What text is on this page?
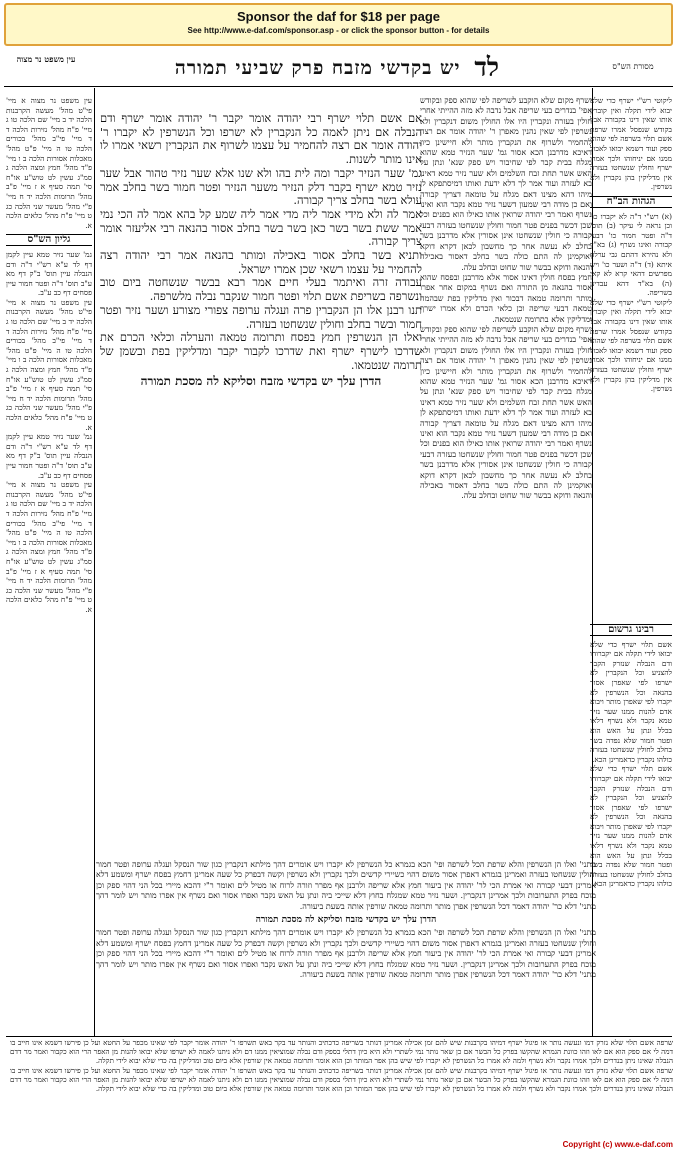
Sponsor the daf for $18 per page
See http://www.e-daf.com/sponsor.asp - or click the sponsor button - for details
לד
יש בקדשי מזבח פרק שביעי תמורה
עין משפט נר מצוה
מסורת הש"ס
עין משפט נר מצוה א מיי' פי"ט מהל' מעשה הקרבנות הלכה יד ב מיי' שם הלכה טו ג מיי' פ"ח מהל' נזירות הלכה ד ד מיי' פי"ב מהל' בכורים הלכה טו ה מיי' פ"ט מהל' מאכלות אסורות הלכה ב ו מיי' פ"ד מהל' חמץ ומצה הלכה ג סמ"ג עשין לט טוש"ע או"ח סי' תמה סעיף א ז מיי' פ"ב מהל' תרומות הלכה יד ח מיי' פ"י מהל' מעשר שני הלכה כג ט מיי' פ"ח מהל' כלאים הלכה א.
גליון הש"ס
גמ' שער נזיר טמא עיין לקמן דף לד ע"א רש"י ד"ה ודם הנבלה עיין תוס' ב"ק דף מא ע"ב תוס' ד"ה ופטר חמור עיין פסחים דף כב ע"ב.
עין משפט נר מצוה א מיי' פי"ט מהל' מעשה הקרבנות הלכה יד ב מיי' שם הלכה טו ג מיי' פ"ח מהל' נזירות הלכה ד ד מיי' פי"ב מהל' בכורים הלכה טו ה מיי' פ"ט מהל' מאכלות אסורות הלכה ב ו מיי' פ"ד מהל' חמץ ומצה הלכה ג סמ"ג עשין לט טוש"ע או"ח סי' תמה סעיף א ז מיי' פ"ב מהל' תרומות הלכה יד ח מיי' פ"י מהל' מעשר שני הלכה כג ט מיי' פ"ח מהל' כלאים הלכה א.
גמ' שער נזיר טמא עיין לקמן דף לד ע"א רש"י ד"ה ודם הנבלה עיין תוס' ב"ק דף מא ע"ב תוס' ד"ה ופטר חמור עיין פסחים דף כב ע"ב.
עין משפט נר מצוה א מיי' פי"ט מהל' מעשה הקרבנות הלכה יד ב מיי' שם הלכה טו ג מיי' פ"ח מהל' נזירות הלכה ד ד מיי' פי"ב מהל' בכורים הלכה טו ה מיי' פ"ט מהל' מאכלות אסורות הלכה ב ו מיי' פ"ד מהל' חמץ ומצה הלכה ג סמ"ג עשין לט טוש"ע או"ח סי' תמה סעיף א ז מיי' פ"ב מהל' תרומות הלכה יד ח מיי' פ"י מהל' מעשר שני הלכה כג ט מיי' פ"ח מהל' כלאים הלכה א.
אם אשם תלוי ישרף רבי יהודה אומר יקבר ר' יהודה אומר ישרף ודם הנבלה אם ניתן לאמה כל הנקברין לא ישרפו וכל הנשרפין לא יקברו ר' יהודה אומר אם רצה להחמיר על עצמו לשרוף את הנקברין רשאי אמרו לו אינו מותר לשנות.
גמ' שער הנזיר יקבר ומה לית בהו ולא שנו אלא שער נזיר טהור אבל שער נזיר טמא ישרף בקבר דלק הנזיר משער הנזיר ופטר חמור בשר בחלב אמר עולא בשר בחלב צריך קבורה.
אמר לה ולא מידי אמר ליה מדי אמר ליה שמע קל בהא אמר לה הכי נמי אמר ששת בשר בשר כאן בשר בשר בחלב אסור בהנאה רבי אליעזר אומר צריך קבורה.
ותניא בשר בחלב אסור באכילה ומותר בהנאה אמר רבי יהודה רצה להחמיר על עצמו רשאי שכן אמרו ישראל.
עבודה זרה ואיתמר בעלי חיים אמר רבא בבשר שנשחטה ביום טוב ונשרפה בשריפת אשם תלוי ופטר חמור שנקבר נבלה מלשרפה.
תנו רבנן אלו הן הנקברין פרה ועגלה ערופה צפורי מצורע ושער נזיר ופטר חמור ובשר בחלב וחולין שנשחטו בעזרה.
ואלו הן הנשרפין חמץ בפסח ותרומה טמאה והערלה וכלאי הכרם את שדרכו לישרף ישרף ואת שדרכו לקבור יקבר ומדליקין בפת ובשמן של תרומה שנטמאו.
הדרן עלך יש בקדשי מזבח וסליקא לה מסכת תמורה
ישרף מקום שלא הוקבע לשריפה לפי שהוא ספק ובקודש אפי' בנדרים בעי שריפה אבל נדבה לא מזה ההייתי אחרי חולין בעזרה ונקברין היו אלו החולין משום דנקברין ולא נשרפין לפי שאין נהנין מאפרן ר' יהודה אומר אם רצה להחמיר ולשרוף את הנקברין מותר ולא חיישינן כיון דאיכא מדרבנן הכא אסור גמ' שער הנזיר טמא שהוא מגלח בבית קבר לפי שחיבור ויש ספק שנא' ונתן על האש אשר תחת זבח השלמים ולא שער נזיר טמא דאינו בא לעזרה ועוד אמר לך דלא ידעת ואותו דמיסתפקא לן מיהו דהא מצינו דאם מגלח על טומאה דצריך קבורה ואם כן מודה רבי שמעון דשער נזיר טמא נקבר הוא ואינו נשרף ואמר רבי יהודה שרואין אותו כאילו הוא בפנים וכל שכן דכשר בפנים פטר חמור וחולין שנשחטו בעזרה דבעי קבורה כי חולין שנשחטו אינן אסורין אלא מדרבנן בשר בחלב לא נעשה אחר כך מחשבון לכאן דקרא דוקא ואוקמינן לה התם כולה בשר בחלב דאסור באכילה והנאה ודוקא בבשר שור שחוט ובחלב עלה.
חמץ בפסח חולין דאינו אסור אלא מדרבנן ובפסח שהוא אסור בהנאה מן התורה ואם נשרף במקום אחר אפרו מותר ותרומה טמאה דבכור ואין מדליקין בפת שבהמה טמאה דבעי שריפה וכן כלאי הכרם ולא אמרו ישרף ומדליקין אלא בתרומה שנטמאה.
ישרף מקום שלא הוקבע לשריפה לפי שהוא ספק ובקודש אפי' בנדרים בעי שריפה אבל נדבה לא מזה ההייתי אחרי חולין בעזרה ונקברין היו אלו החולין משום דנקברין ולא נשרפין לפי שאין נהנין מאפרן ר' יהודה אומר אם רצה להחמיר ולשרוף את הנקברין מותר ולא חיישינן כיון דאיכא מדרבנן הכא אסור גמ' שער הנזיר טמא שהוא מגלח בבית קבר לפי שחיבור ויש ספק שנא' ונתן על האש אשר תחת זבח השלמים ולא שער נזיר טמא דאינו בא לעזרה ועוד אמר לך דלא ידעת ואותו דמיסתפקא לן מיהו דהא מצינו דאם מגלח על טומאה דצריך קבורה ואם כן מודה רבי שמעון דשער נזיר טמא נקבר הוא ואינו נשרף ואמר רבי יהודה שרואין אותו כאילו הוא בפנים וכל שכן דכשר בפנים פטר חמור וחולין שנשחטו בעזרה דבעי קבורה כי חולין שנשחטו אינן אסורין אלא מדרבנן בשר בחלב לא נעשה אחר כך מחשבון לכאן דקרא דוקא ואוקמינן לה התם כולה בשר בחלב דאסור באכילה והנאה ודוקא בבשר שור שחוט ובחלב עלה.
ליקוטי רש"י ישרף כדי שלא יבוא לידי תקלה ואין קוברין אותו שאין דינו בקבורה אבל בקודש שנפסל אמרו שרפת אשם תלוי בשרפה לפי שהוא ספק ועוד דשמא יבואו לאכול ממנו אם יניחוהו ולכך אמרו ישרף וחולין שנשחטו בעזרה אין מדליקין בהן נקברין ולא נשרפין.
הגהות הב"ח
(א) רש"י ד"ה לא יקברו כו' וכן נראה לי עיקר (ב) תוס' ד"ה ופטר חמור כו' דבעי קבורה ואינו נשרף (ג) בא"ד ולא נהירא דהתם גבי ערלה איתא (ד) ד"ה ושער כו' ויש מפרשים דהאי קרא לא קאי (ה) בא"ד דהא עבדינן בשריפה.
ליקוטי רש"י ישרף כדי שלא יבוא לידי תקלה ואין קוברין אותו שאין דינו בקבורה אבל בקודש שנפסל אמרו שרפת אשם תלוי בשרפה לפי שהוא ספק ועוד דשמא יבואו לאכול ממנו אם יניחוהו ולכך אמרו ישרף וחולין שנשחטו בעזרה אין מדליקין בהן נקברין ולא נשרפין.
רבינו גרשום
אשם תלוי ישרף כדי שלא יבואו לידי תקלה אם יקברוהו ודם הנבלה שנזרק הקבר להצניע וכל הנקברין לא ישרפו לפי שאפרן אסור בהנאה וכל הנשרפין לא יקברו לפי שאפרן מותר ויבוא אדם להנות ממנו שער נזיר טמא נקבר ולא נשרף דלאו בכלל ונתן על האש הוא ופטר חמור שלא נפדה בשר בחלב לחולין שנשחטו בעזרה כולהו נקברין כדאמרינן הכא.
אשם תלוי ישרף כדי שלא יבואו לידי תקלה אם יקברוהו ודם הנבלה שנזרק הקבר להצניע וכל הנקברין לא ישרפו לפי שאפרן אסור בהנאה וכל הנשרפין לא יקברו לפי שאפרן מותר ויבוא אדם להנות ממנו שער נזיר טמא נקבר ולא נשרף דלאו בכלל ונתן על האש הוא ופטר חמור שלא נפדה בשר בחלב לחולין שנשחטו בעזרה כולהו נקברין כדאמרינן הכא.
מתני' ואלו הן הנשרפין והלא שרפת הכל לשרפה ופי' הכא בגמרא כל הנשרפין לא יקברו ויש אומרים דהך מילתא דנקברין כגון שור הנסקל ועגלה ערופה ופטר חמור וחולין שנשחטו בעזרה ואמרינן בגמרא דאפרן אסור משום דהוי כשיירי קדשים ולכך נקברין ולא נשרפין וקשה דבפרק כל שעה אמרינן דחמץ בפסח ישרף ומשמע דלא אמרינן דבעי קבורה ואי אמרת הכי לר' יהודה אין ביעור חמץ אלא שריפה ולרבנן אף מפרר וזורה לרוח או מטיל לים ואומר ר"י דהכא מיירי בכל הני דהוי ספק וכן מוכח בפרק התערובות ולכך אמרינן דנקברין. ושער נזיר טמא שמגלח בחוץ דלא שייכי ביה ונתן על האש נקבר ואפרו אסור ואם נשרף אין אפרו מותר ויש לומר דהך מתני' דלא כר' יהודה דאמר דכל הנשרפין אפרן מותר ותרומה טמאה שורפין אותה בשעת ביעורה.
הדרן עלך יש בקדשי מזבח וסליקא לה מסכת תמורה
מתני' ואלו הן הנשרפין והלא שרפת הכל לשרפה ופי' הכא בגמרא כל הנשרפין לא יקברו ויש אומרים דהך מילתא דנקברין כגון שור הנסקל ועגלה ערופה ופטר חמור וחולין שנשחטו בעזרה ואמרינן בגמרא דאפרן אסור משום דהוי כשיירי קדשים ולכך נקברין ולא נשרפין וקשה דבפרק כל שעה אמרינן דחמץ בפסח ישרף ומשמע דלא אמרינן דבעי קבורה ואי אמרת הכי לר' יהודה אין ביעור חמץ אלא שריפה ולרבנן אף מפרר וזורה לרוח או מטיל לים ואומר ר"י דהכא מיירי בכל הני דהוי ספק וכן מוכח בפרק התערובות ולכך אמרינן דנקברין. ושער נזיר טמא שמגלח בחוץ דלא שייכי ביה ונתן על האש נקבר ואפרו אסור ואם נשרף אין אפרו מותר ויש לומר דהך מתני' דלא כר' יהודה דאמר דכל הנשרפין אפרן מותר ותרומה טמאה שורפין אותה בשעת ביעורה.
שרפה אשם תלוי שלא נזרק דמו ונעשה נותר או פיגול ישרף דמיהו בקרבנות שיש להם זמן אכילה אמרינן דנותר בשריפה כדכתיב והנותר עד בקר באש תשרפו ר' יהודה אומר יקבר לפי שאינו מכפר על החטא ועל כן פירשו דשמא אינו חייב בו דמה לי אם ספק הוא אם לאו וזהו כוונת הגמרא שהקשו בפרק כל הבשר אם כן שאר נותר נמי לשתרי ולא היא כיון דתלי בספק ודם נבלה שמוציאין ממנו דם ולא ניתנו לאמה לא ישרפו שלא יבואו להנות מן האפר הרי הוא כקבור ואמר מר דדם הנבלה שאינו ניתן בנדרים ולכך אמרו נקבר ולא נשרף ולמה לא אמרו כל הנשרפין לא יקברו לפי שיש בהן אפר המותר וכן הוא אומר ותרומה טמאה אין שורפין אלא ביום טוב ומדליקין בה כדי שלא יבוא לידי תקלה.
שרפה אשם תלוי שלא נזרק דמו ונעשה נותר או פיגול ישרף דמיהו בקרבנות שיש להם זמן אכילה אמרינן דנותר בשריפה כדכתיב והנותר עד בקר באש תשרפו ר' יהודה אומר יקבר לפי שאינו מכפר על החטא ועל כן פירשו דשמא אינו חייב בו דמה לי אם ספק הוא אם לאו וזהו כוונת הגמרא שהקשו בפרק כל הבשר אם כן שאר נותר נמי לשתרי ולא היא כיון דתלי בספק ודם נבלה שמוציאין ממנו דם ולא ניתנו לאמה לא ישרפו שלא יבואו להנות מן האפר הרי הוא כקבור ואמר מר דדם הנבלה שאינו ניתן בנדרים ולכך אמרו נקבר ולא נשרף ולמה לא אמרו כל הנשרפין לא יקברו לפי שיש בהן אפר המותר וכן הוא אומר ותרומה טמאה אין שורפין אלא ביום טוב ומדליקין בה כדי שלא יבוא לידי תקלה.
Copyright (c) www.e-daf.com
